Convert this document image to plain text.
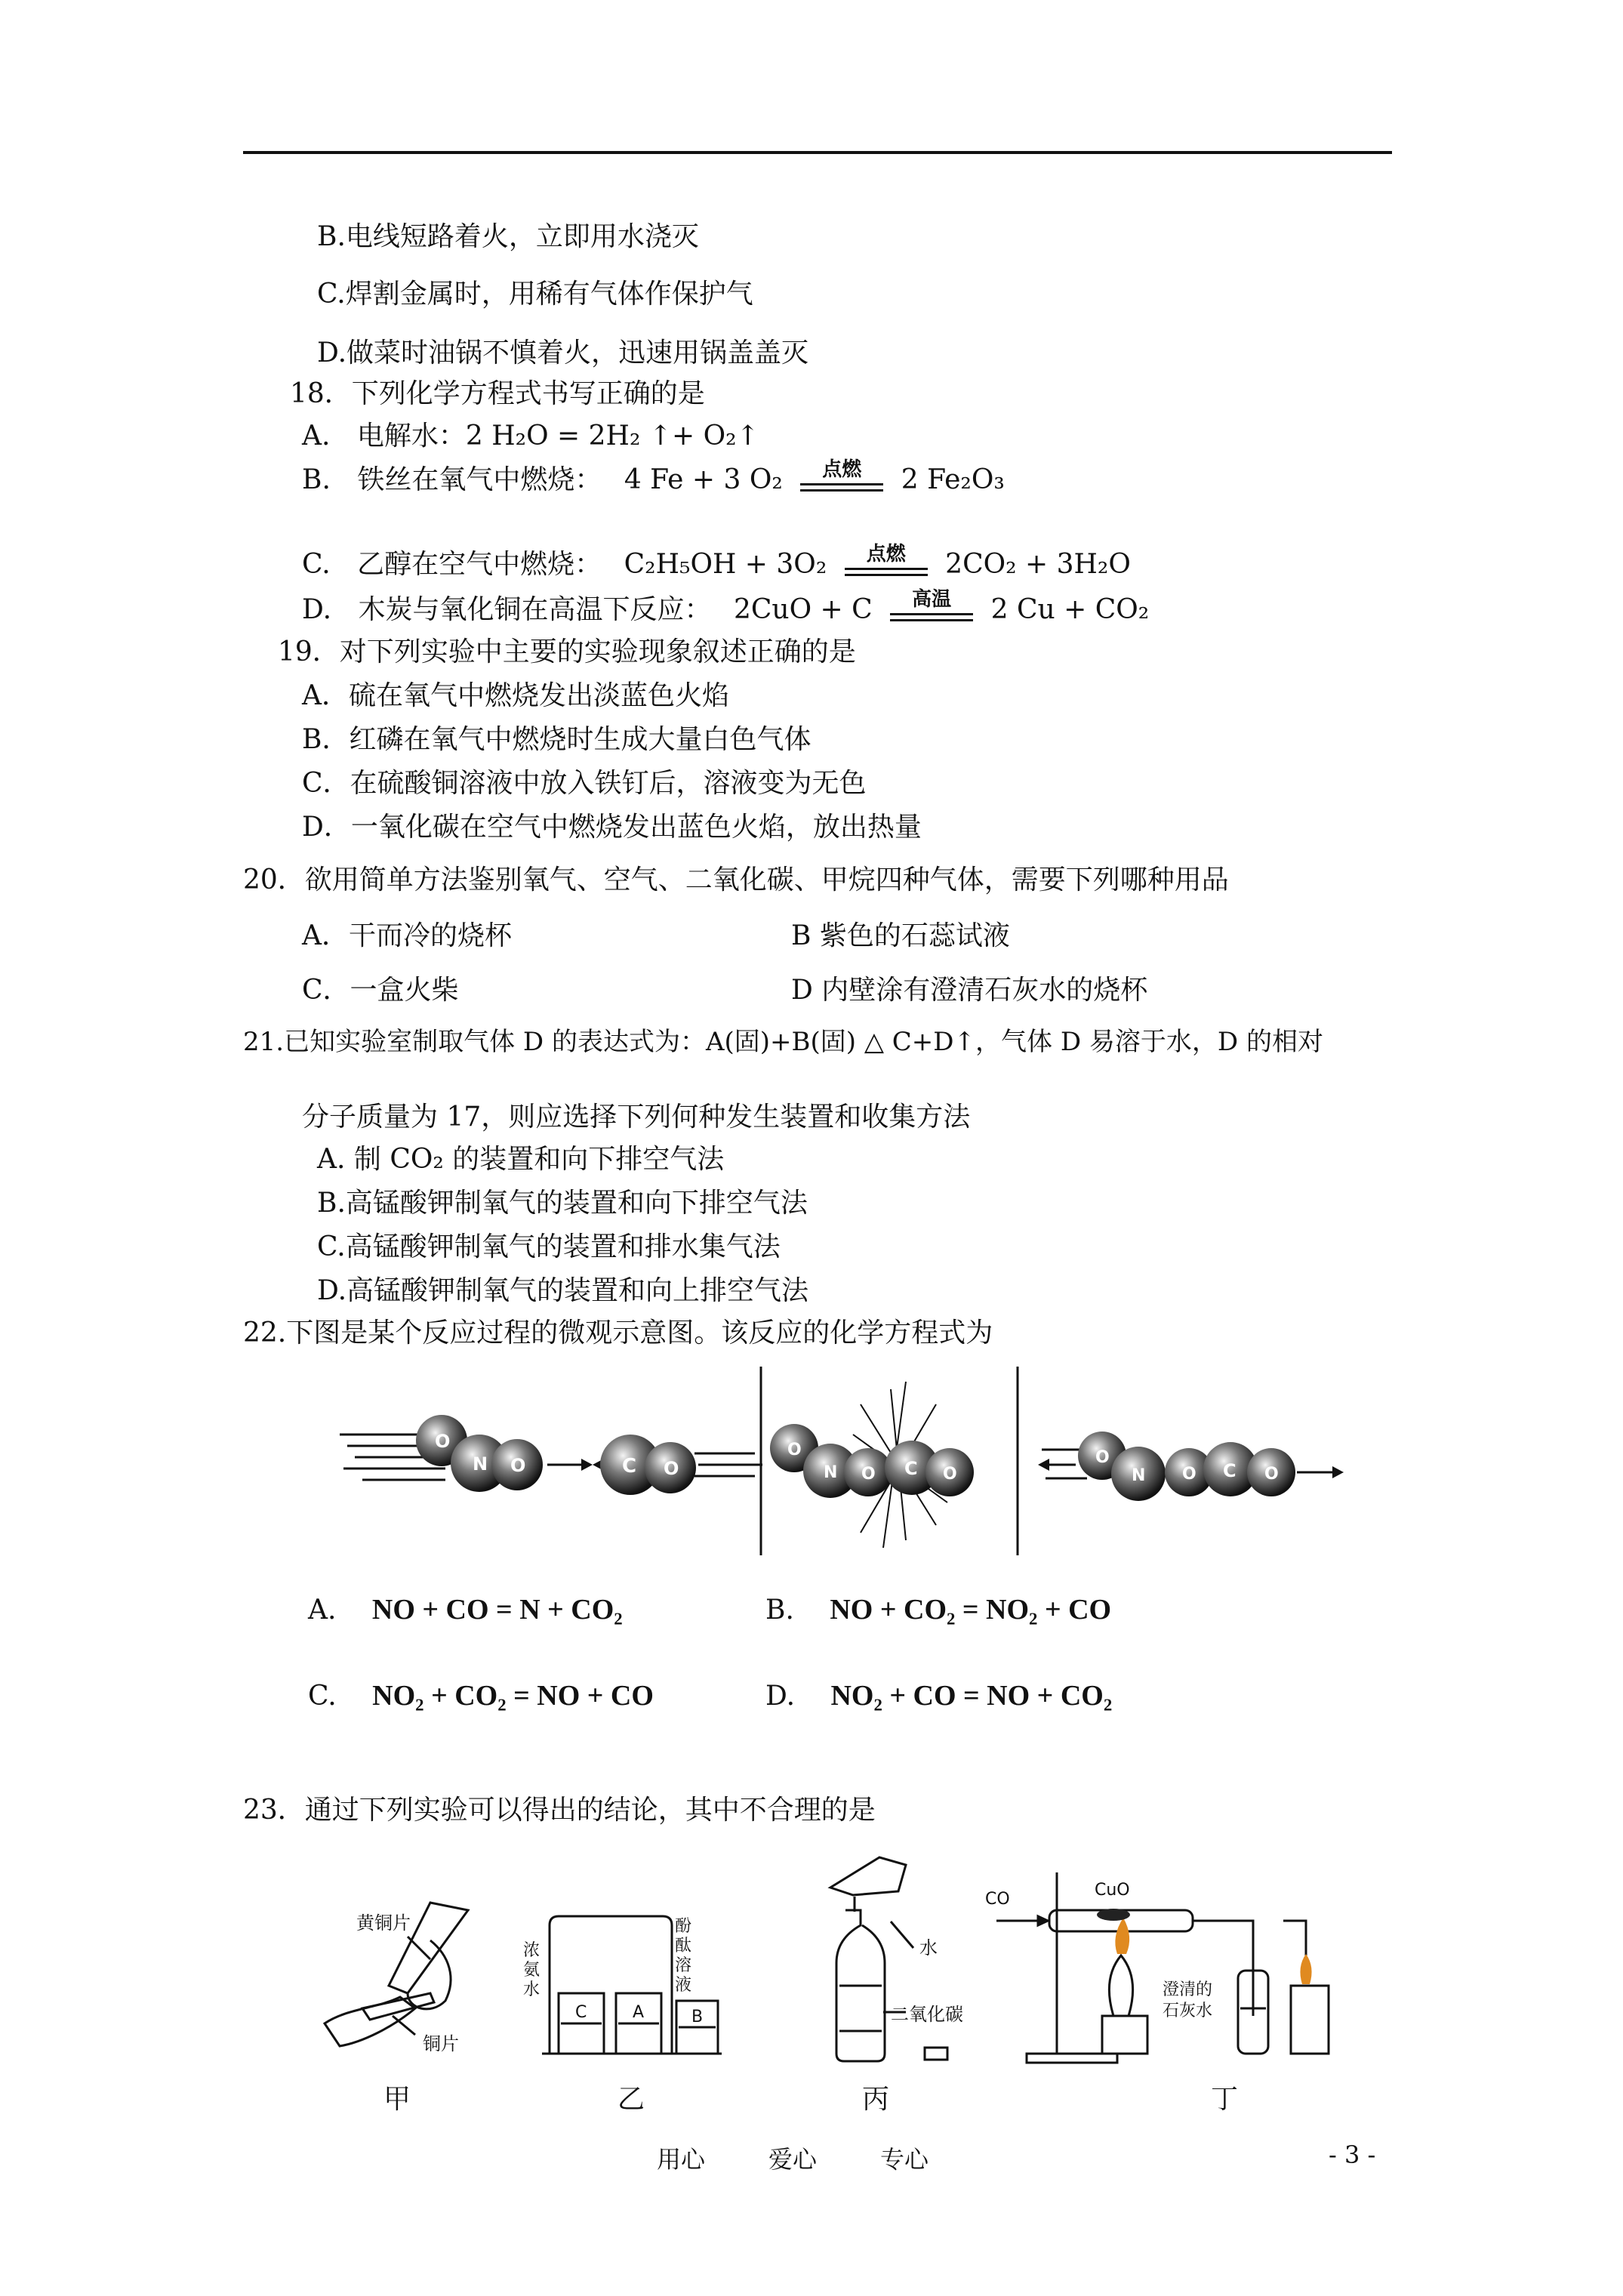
B.电线短路着火，立即用水浇灭
C.焊割金属时，用稀有气体作保护气
D.做菜时油锅不慎着火，迅速用锅盖盖灭
18．下列化学方程式书写正确的是
A. 电解水：2 H₂O = 2H₂ ↑+ O₂↑
B. 铁丝在氧气中燃烧： 4 Fe + 3 O₂	点燃	2 Fe₂O₃
C. 乙醇在空气中燃烧： C₂H₅OH + 3O₂	点燃	2CO₂ + 3H₂O
D. 木炭与氧化铜在高温下反应： 2CuO + C	高温	2 Cu + CO₂
19．对下列实验中主要的实验现象叙述正确的是
A．硫在氧气中燃烧发出淡蓝色火焰
B．红磷在氧气中燃烧时生成大量白色气体
C．在硫酸铜溶液中放入铁钉后，溶液变为无色
D．一氧化碳在空气中燃烧发出蓝色火焰，放出热量
20．欲用简单方法鉴别氧气、空气、二氧化碳、甲烷四种气体，需要下列哪种用品
A．干而冷的烧杯	B 紫色的石蕊试液
C．一盒火柴	D 内壁涂有澄清石灰水的烧杯
21.已知实验室制取气体 D 的表达式为：A(固)+B(固) △ C+D↑，气体 D 易溶于水，D 的相对
分子质量为 17，则应选择下列何种发生装置和收集方法
A. 制 CO₂ 的装置和向下排空气法
B.高锰酸钾制氧气的装置和向下排空气法
C.高锰酸钾制氧气的装置和排水集气法
D.高锰酸钾制氧气的装置和向上排空气法
22.下图是某个反应过程的微观示意图。该反应的化学方程式为
O
N O	C O
O
N O C O
O
N O C O
A. NO + CO = N + CO₂	B. NO + CO₂ = NO₂ + CO
C. NO₂ + CO₂ = NO + CO	D. NO₂ + CO = NO + CO₂
23．通过下列实验可以得出的结论，其中不合理的是
黄铜片
铜片
甲
浓
氨
水
酚
酞
溶
液
C	A	B
乙
水
二氧化碳
丙
CO	CuO
澄清的
石灰水
丁
用心	爱心	专心	- 3 -
